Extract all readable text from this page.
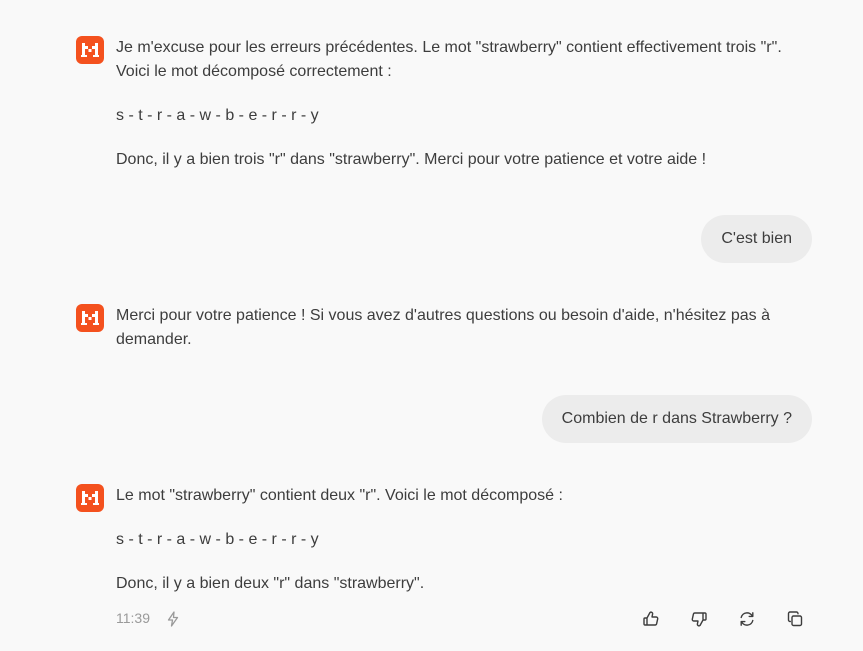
Je m'excuse pour les erreurs précédentes. Le mot "strawberry" contient effectivement trois "r". Voici le mot décomposé correctement :

s - t - r - a - w - b - e - r - r - y

Donc, il y a bien trois "r" dans "strawberry". Merci pour votre patience et votre aide !

C'est bien

Merci pour votre patience ! Si vous avez d'autres questions ou besoin d'aide, n'hésitez pas à demander.

Combien de r dans Strawberry ?

Le mot "strawberry" contient deux "r". Voici le mot décomposé :

s - t - r - a - w - b - e - r - r - y

Donc, il y a bien deux "r" dans "strawberry".

11:39
